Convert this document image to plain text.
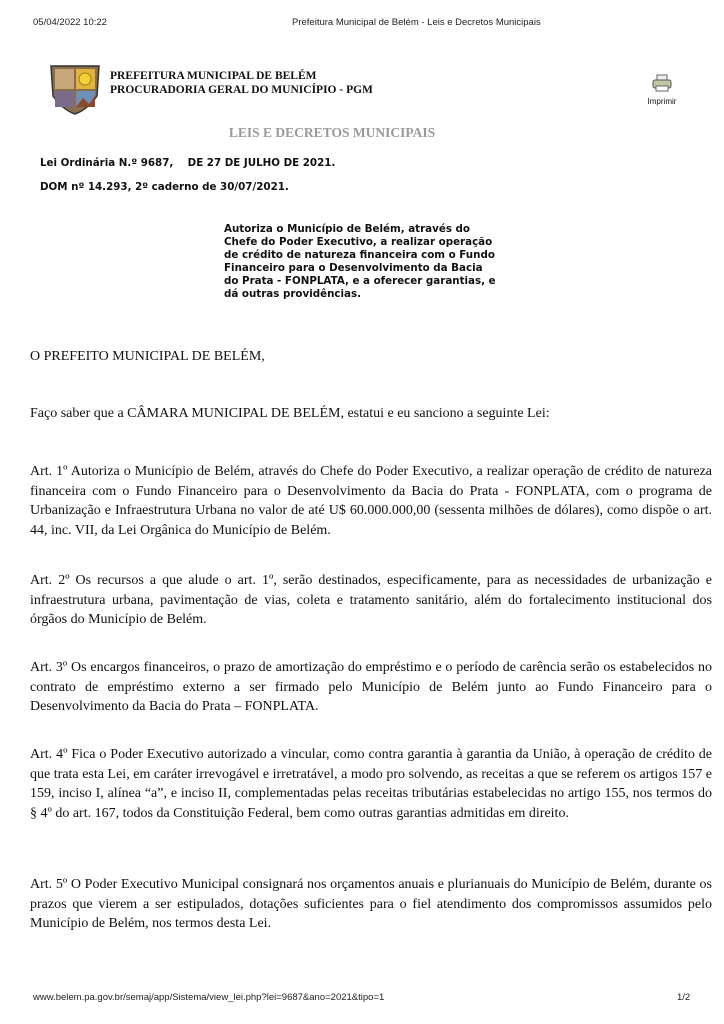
05/04/2022 10:22	Prefeitura Municipal de Belém - Leis e Decretos Municipais
PREFEITURA MUNICIPAL DE BELÉM
PROCURADORIA GERAL DO MUNICÍPIO - PGM
Imprimir
LEIS E DECRETOS MUNICIPAIS
Lei Ordinária N.º 9687,    DE 27 DE JULHO DE 2021.
DOM nº 14.293, 2º caderno de 30/07/2021.
Autoriza o Município de Belém, através do Chefe do Poder Executivo, a realizar operação de crédito de natureza financeira com o Fundo Financeiro para o Desenvolvimento da Bacia do Prata - FONPLATA, e a oferecer garantias, e dá outras providências.
O PREFEITO MUNICIPAL DE BELÉM,
Faço saber que a CÂMARA MUNICIPAL DE BELÉM, estatui e eu sanciono a seguinte Lei:
Art. 1º Autoriza o Município de Belém, através do Chefe do Poder Executivo, a realizar operação de crédito de natureza financeira com o Fundo Financeiro para o Desenvolvimento da Bacia do Prata - FONPLATA, com o programa de Urbanização e Infraestrutura Urbana no valor de até U$ 60.000.000,00 (sessenta milhões de dólares), como dispõe o art. 44, inc. VII, da Lei Orgânica do Município de Belém.
Art. 2º Os recursos a que alude o art. 1º, serão destinados, especificamente, para as necessidades de urbanização e infraestrutura urbana, pavimentação de vias, coleta e tratamento sanitário, além do fortalecimento institucional dos órgãos do Município de Belém.
Art. 3º Os encargos financeiros, o prazo de amortização do empréstimo e o período de carência serão os estabelecidos no contrato de empréstimo externo a ser firmado pelo Município de Belém junto ao Fundo Financeiro para o Desenvolvimento da Bacia do Prata – FONPLATA.
Art. 4º Fica o Poder Executivo autorizado a vincular, como contra garantia à garantia da União, à operação de crédito de que trata esta Lei, em caráter irrevogável e irretratável, a modo pro solvendo, as receitas a que se referem os artigos 157 e 159, inciso I, alínea “a”, e inciso II, complementadas pelas receitas tributárias estabelecidas no artigo 155, nos termos do § 4º do art. 167, todos da Constituição Federal, bem como outras garantias admitidas em direito.
Art. 5º O Poder Executivo Municipal consignará nos orçamentos anuais e plurianuais do Município de Belém, durante os prazos que vierem a ser estipulados, dotações suficientes para o fiel atendimento dos compromissos assumidos pelo Município de Belém, nos termos desta Lei.
www.belem.pa.gov.br/semaj/app/Sistema/view_lei.php?lei=9687&ano=2021&tipo=1	1/2
